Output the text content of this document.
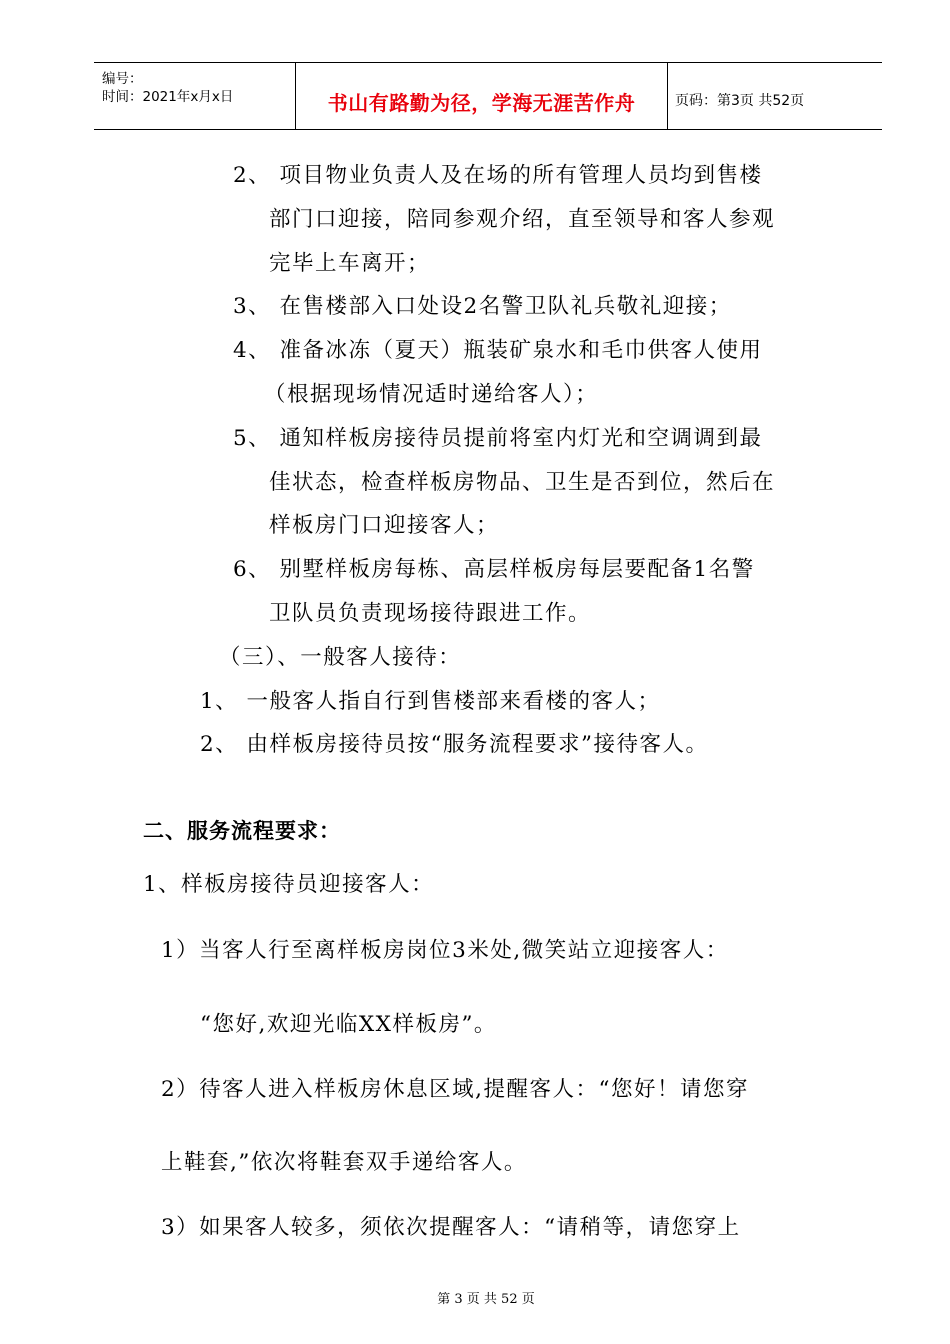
编号：
时间：2021年x月x日	书山有路勤为径，学海无涯苦作舟	页码：第3页 共52页
2、 项目物业负责人及在场的所有管理人员均到售楼
部门口迎接，陪同参观介绍，直至领导和客人参观
完毕上车离开；
3、 在售楼部入口处设2名警卫队礼兵敬礼迎接；
4、 准备冰冻（夏天）瓶装矿泉水和毛巾供客人使用
（根据现场情况适时递给客人）；
5、 通知样板房接待员提前将室内灯光和空调调到最
佳状态，检查样板房物品、卫生是否到位，然后在
样板房门口迎接客人；
6、 别墅样板房每栋、高层样板房每层要配备1名警
卫队员负责现场接待跟进工作。
（三）、一般客人接待：
1、 一般客人指自行到售楼部来看楼的客人；
2、 由样板房接待员按“服务流程要求”接待客人。
二、服务流程要求：
1、样板房接待员迎接客人：
1）当客人行至离样板房岗位3米处,微笑站立迎接客人：
“您好,欢迎光临XX样板房”。
2）待客人进入样板房休息区域,提醒客人：“您好！请您穿
上鞋套,”依次将鞋套双手递给客人。
3）如果客人较多，须依次提醒客人：“请稍等，请您穿上
第 3 页 共 52 页
